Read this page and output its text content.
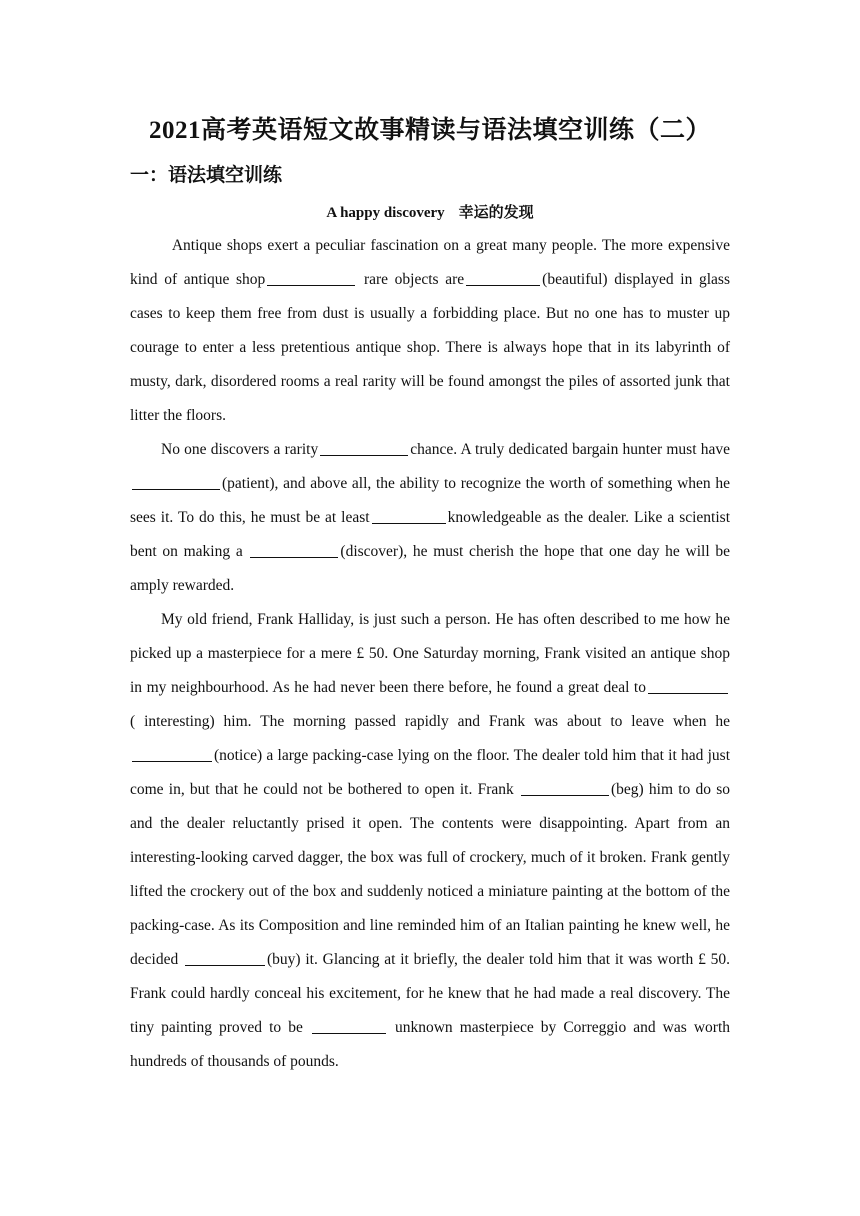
2021高考英语短文故事精读与语法填空训练（二）
一：语法填空训练
A happy discovery 幸运的发现

Antique shops exert a peculiar fascination on a great many people. The more expensive kind of antique shop	rare objects are	(beautiful) displayed in glass cases to keep them free from dust is usually a forbidding place. But no one has to muster up courage to enter a less pretentious antique shop. There is always hope that in its labyrinth of musty, dark, disordered rooms a real rarity will be found amongst the piles of assorted junk that litter the floors.

No one discovers a rarity	chance. A truly dedicated bargain hunter must have (patient), and above all, the ability to recognize the worth of something when he sees it. To do this, he must be at least	knowledgeable as the dealer. Like a scientist bent on making a	(discover), he must cherish the hope that one day he will be amply rewarded.

My old friend, Frank Halliday, is just such a person. He has often described to me how he picked up a masterpiece for a mere £ 50. One Saturday morning, Frank visited an antique shop in my neighbourhood. As he had never been there before, he found a great deal to( interesting) him. The morning passed rapidly and Frank was about to leave when he (notice) a large packing-case lying on the floor. The dealer told him that it had just come in, but that he could not be bothered to open it. Frank	(beg) him to do so and the dealer reluctantly prised it open. The contents were disappointing. Apart from an interesting-looking carved dagger, the box was full of crockery, much of it broken. Frank gently lifted the crockery out of the box and suddenly noticed a miniature painting at the bottom of the packing-case. As its Composition and line reminded him of an Italian painting he knew well, he decided	(buy) it. Glancing at it briefly, the dealer told him that it was worth £ 50. Frank could hardly conceal his excitement, for he knew that he had made a real discovery. The tiny painting proved to be	unknown masterpiece by Correggio and was worth hundreds of thousands of pounds.
